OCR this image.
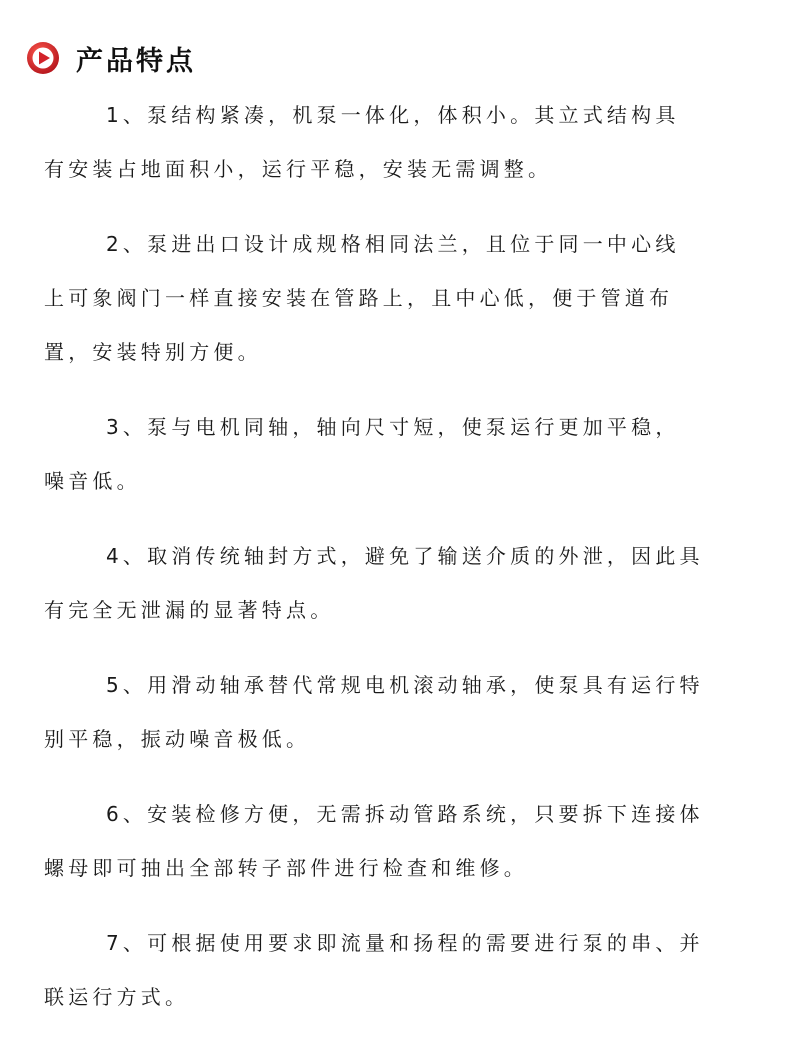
产品特点
1、泵结构紧凑，机泵一体化，体积小。其立式结构具
有安装占地面积小，运行平稳，安装无需调整。
2、泵进出口设计成规格相同法兰，且位于同一中心线
上可象阀门一样直接安装在管路上，且中心低，便于管道布
置，安装特别方便。
3、泵与电机同轴，轴向尺寸短，使泵运行更加平稳，
噪音低。
4、取消传统轴封方式，避免了输送介质的外泄，因此具
有完全无泄漏的显著特点。
5、用滑动轴承替代常规电机滚动轴承，使泵具有运行特
别平稳，振动噪音极低。
6、安装检修方便，无需拆动管路系统，只要拆下连接体
螺母即可抽出全部转子部件进行检查和维修。
7、可根据使用要求即流量和扬程的需要进行泵的串、并
联运行方式。
